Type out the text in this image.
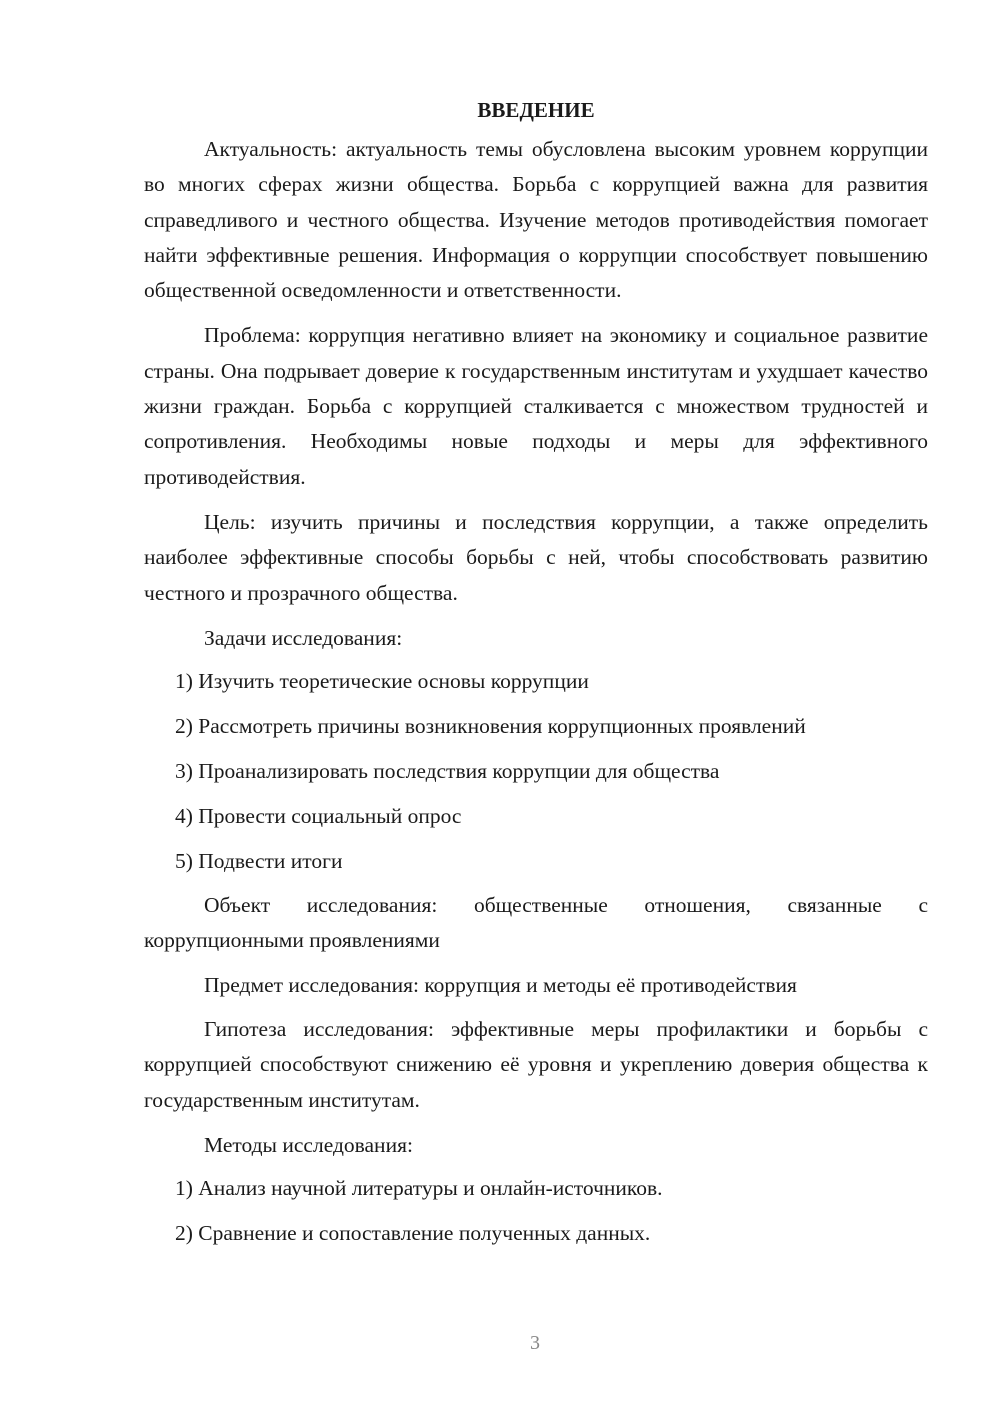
ВВЕДЕНИЕ

Актуальность: актуальность темы обусловлена высоким уровнем коррупции во многих сферах жизни общества. Борьба с коррупцией важна для развития справедливого и честного общества. Изучение методов противодействия помогает найти эффективные решения. Информация о коррупции способствует повышению общественной осведомленности и ответственности.

Проблема: коррупция негативно влияет на экономику и социальное развитие страны. Она подрывает доверие к государственным институтам и ухудшает качество жизни граждан. Борьба с коррупцией сталкивается с множеством трудностей и сопротивления. Необходимы новые подходы и меры для эффективного противодействия.

Цель: изучить причины и последствия коррупции, а также определить наиболее эффективные способы борьбы с ней, чтобы способствовать развитию честного и прозрачного общества.

Задачи исследования:

1) Изучить теоретические основы коррупции
2) Рассмотреть причины возникновения коррупционных проявлений
3) Проанализировать последствия коррупции для общества
4) Провести социальный опрос
5) Подвести итоги

Объект исследования: общественные отношения, связанные с коррупционными проявлениями

Предмет исследования: коррупция и методы её противодействия

Гипотеза исследования: эффективные меры профилактики и борьбы с коррупцией способствуют снижению её уровня и укреплению доверия общества к государственным институтам.

Методы исследования:

1) Анализ научной литературы и онлайн-источников.
2) Сравнение и сопоставление полученных данных.
3
